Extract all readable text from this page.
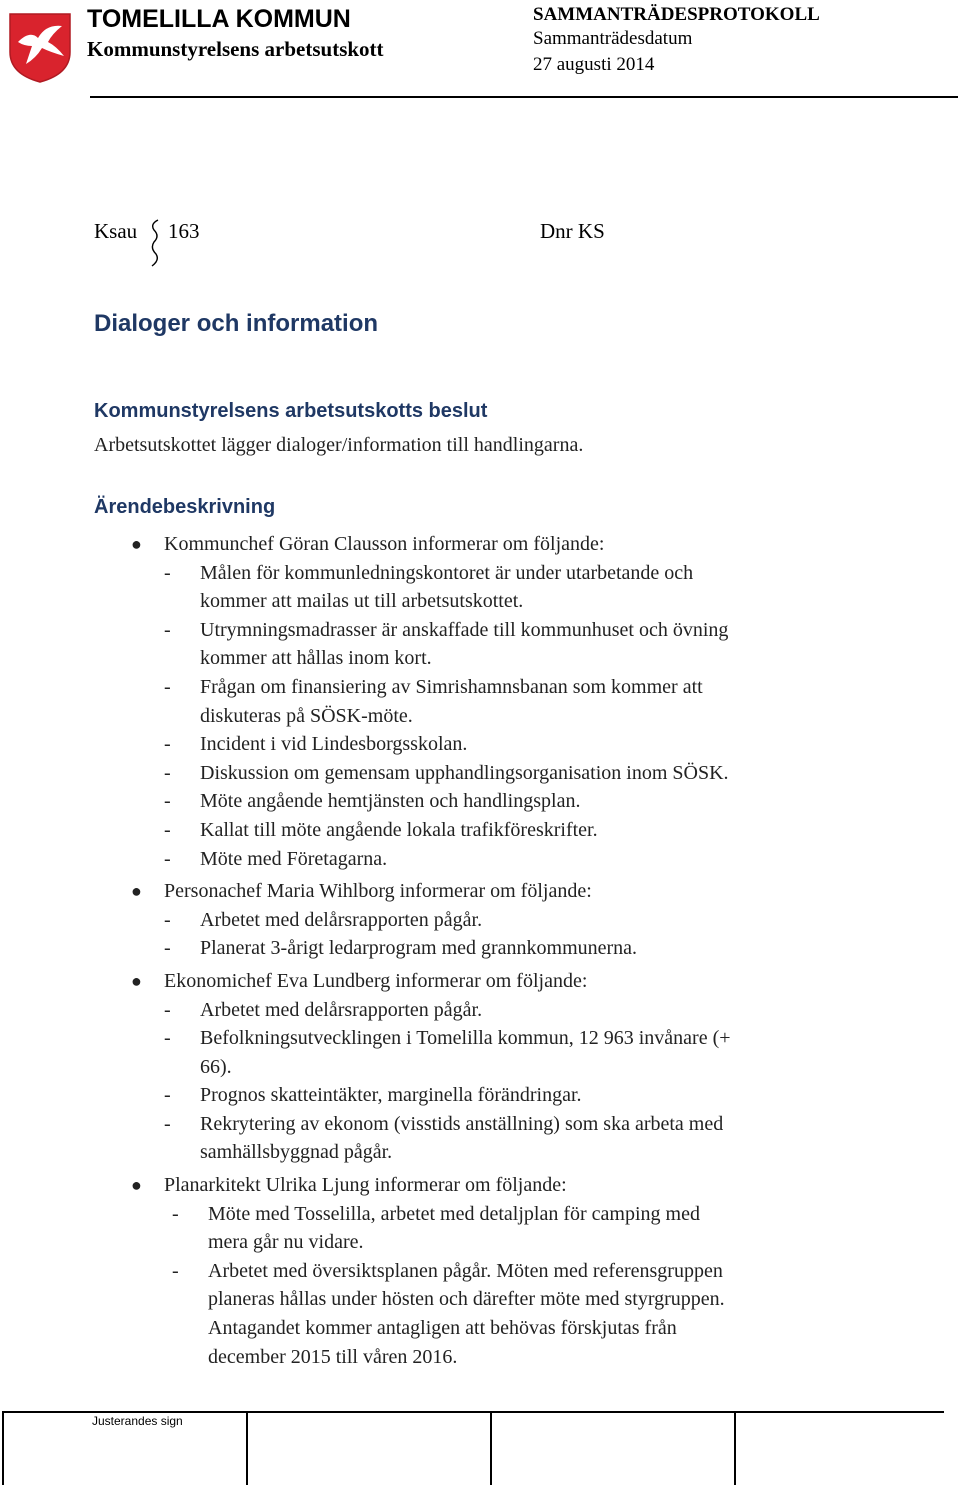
TOMELILLA KOMMUN
Kommunstyrelsens arbetsutskott
SAMMANTRÄDESPROTOKOLL
Sammanträdesdatum
27 augusti 2014
Ksau 163	Dnr KS
Dialoger och information
Kommunstyrelsens arbetsutskotts beslut
Arbetsutskottet lägger dialoger/information till handlingarna.
Ärendebeskrivning
● Kommunchef Göran Clausson informerar om följande:
- Målen för kommunledningskontoret är under utarbetande och
kommer att mailas ut till arbetsutskottet.
- Utrymningsmadrasser är anskaffade till kommunhuset och övning
kommer att hållas inom kort.
- Frågan om finansiering av Simrishamnsbanan som kommer att
diskuteras på SÖSK-möte.
- Incident i vid Lindesborgsskolan.
- Diskussion om gemensam upphandlingsorganisation inom SÖSK.
- Möte angående hemtjänsten och handlingsplan.
- Kallat till möte angående lokala trafikföreskrifter.
- Möte med Företagarna.
● Personachef Maria Wihlborg informerar om följande:
- Arbetet med delårsrapporten pågår.
- Planerat 3-årigt ledarprogram med grannkommunerna.
● Ekonomichef Eva Lundberg informerar om följande:
- Arbetet med delårsrapporten pågår.
- Befolkningsutvecklingen i Tomelilla kommun, 12 963 invånare (+
66).
- Prognos skatteintäkter, marginella förändringar.
- Rekrytering av ekonom (visstids anställning) som ska arbeta med
samhällsbyggnad pågår.
● Planarkitekt Ulrika Ljung informerar om följande:
- Möte med Tosselilla, arbetet med detaljplan för camping med
mera går nu vidare.
- Arbetet med översiktsplanen pågår. Möten med referensgruppen
planeras hållas under hösten och därefter möte med styrgruppen.
Antagandet kommer antagligen att behövas förskjutas från
december 2015 till våren 2016.
Justerandes sign
